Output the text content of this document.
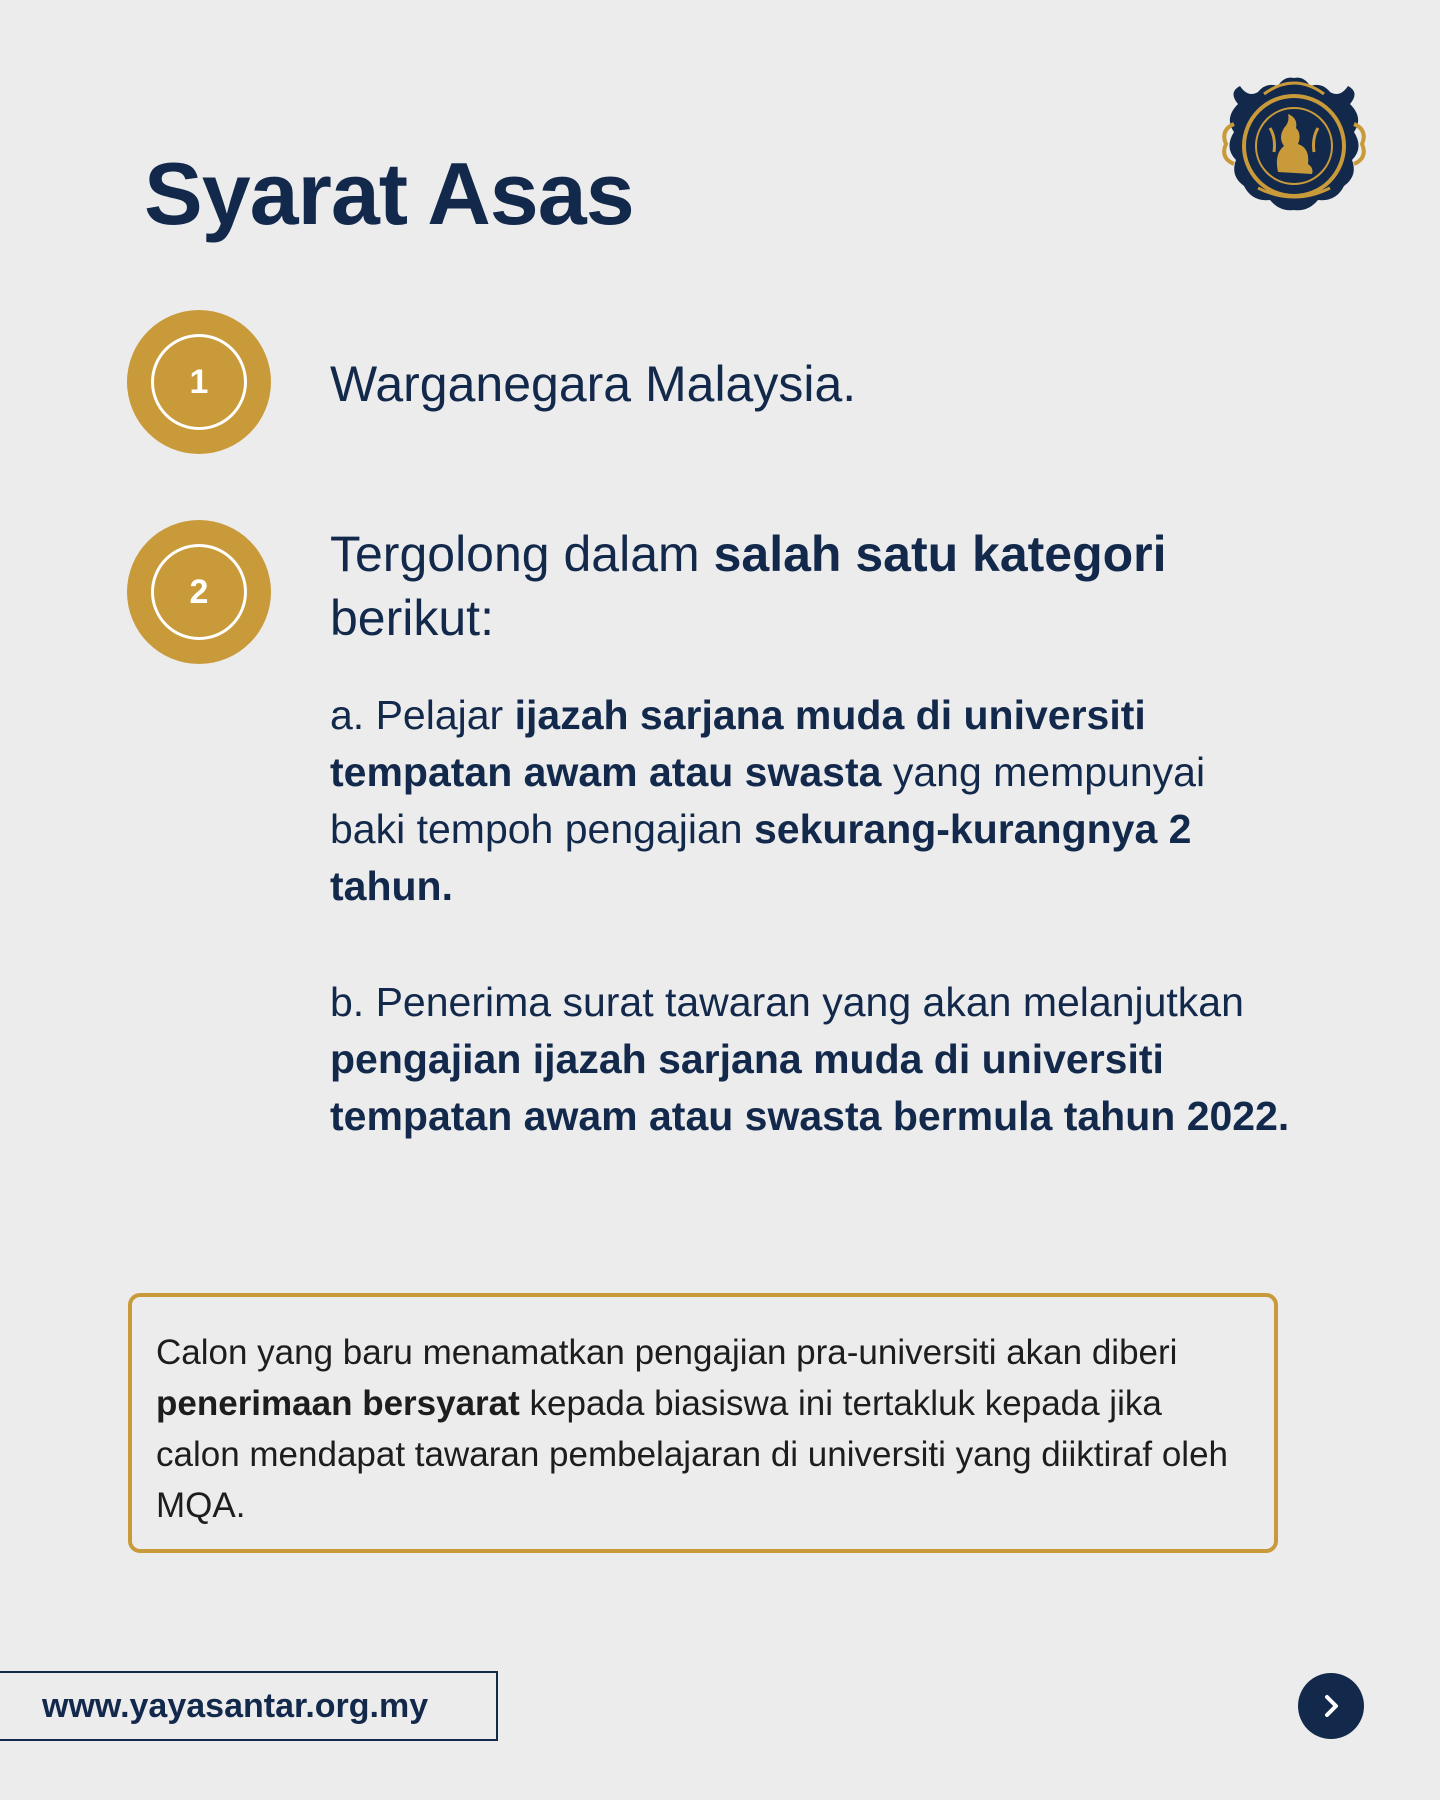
Syarat Asas
1	Warganegara Malaysia.

2

Tergolong dalam salah satu kategori berikut:

a. Pelajar ijazah sarjana muda di universiti tempatan awam atau swasta yang mempunyai baki tempoh pengajian sekurang-kurangnya 2 tahun.

b. Penerima surat tawaran yang akan melanjutkan pengajian ijazah sarjana muda di universiti tempatan awam atau swasta bermula tahun 2022.

Calon yang baru menamatkan pengajian pra-universiti akan diberi penerimaan bersyarat kepada biasiswa ini tertakluk kepada jika calon mendapat tawaran pembelajaran di universiti yang diiktiraf oleh MQA.

www.yayasantar.org.my
